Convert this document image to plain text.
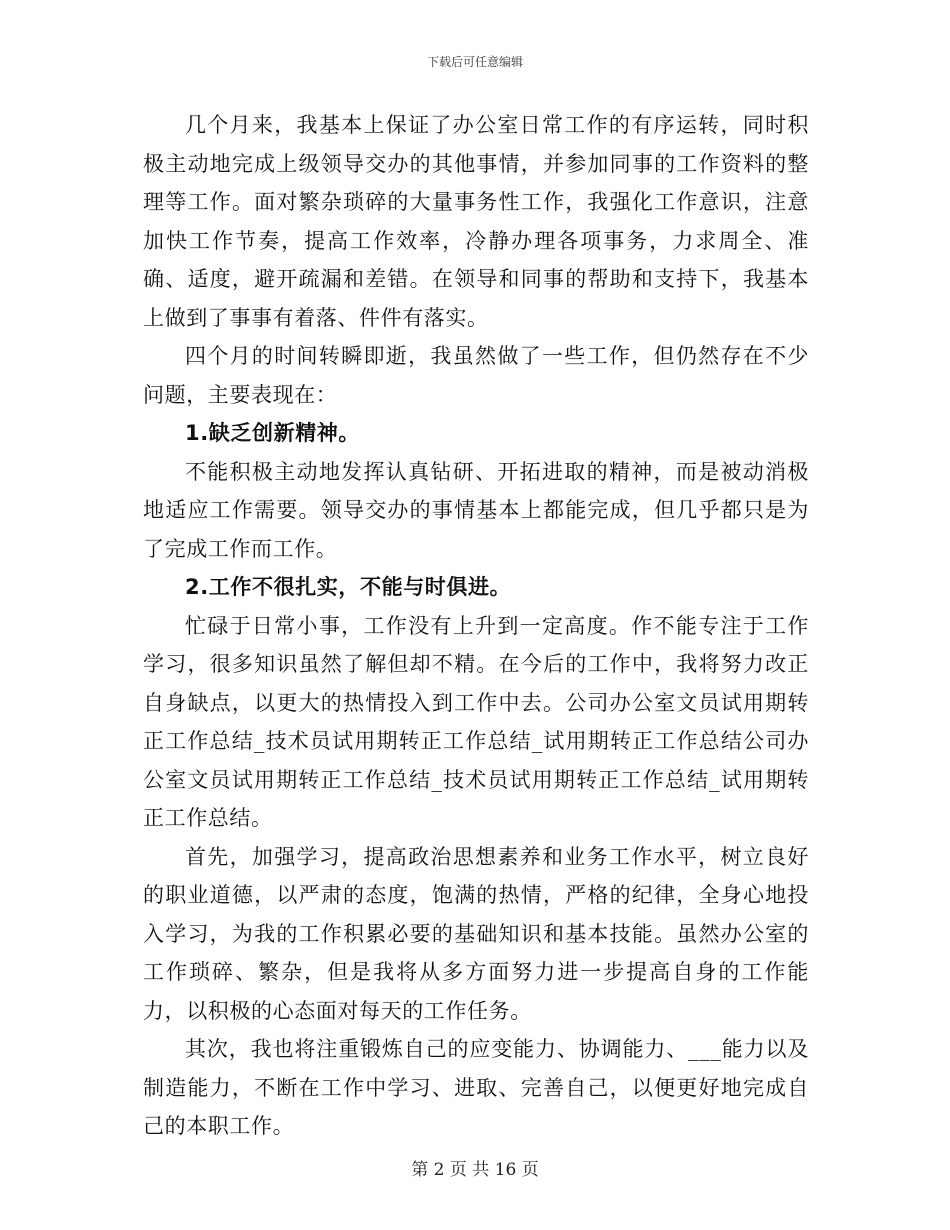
下载后可任意编辑

几个月来，我基本上保证了办公室日常工作的有序运转，同时积极主动地完成上级领导交办的其他事情，并参加同事的工作资料的整理等工作。面对繁杂琐碎的大量事务性工作，我强化工作意识，注意加快工作节奏，提高工作效率，冷静办理各项事务，力求周全、准确、适度，避开疏漏和差错。在领导和同事的帮助和支持下，我基本上做到了事事有着落、件件有落实。

四个月的时间转瞬即逝，我虽然做了一些工作，但仍然存在不少问题，主要表现在：

1.缺乏创新精神。

不能积极主动地发挥认真钻研、开拓进取的精神，而是被动消极地适应工作需要。领导交办的事情基本上都能完成，但几乎都只是为了完成工作而工作。

2.工作不很扎实，不能与时俱进。

忙碌于日常小事，工作没有上升到一定高度。作不能专注于工作学习，很多知识虽然了解但却不精。在今后的工作中，我将努力改正自身缺点，以更大的热情投入到工作中去。公司办公室文员试用期转正工作总结_技术员试用期转正工作总结_试用期转正工作总结公司办公室文员试用期转正工作总结_技术员试用期转正工作总结_试用期转正工作总结。

首先，加强学习，提高政治思想素养和业务工作水平，树立良好的职业道德，以严肃的态度，饱满的热情，严格的纪律，全身心地投入学习，为我的工作积累必要的基础知识和基本技能。虽然办公室的工作琐碎、繁杂，但是我将从多方面努力进一步提高自身的工作能力，以积极的心态面对每天的工作任务。

其次，我也将注重锻炼自己的应变能力、协调能力、___能力以及制造能力，不断在工作中学习、进取、完善自己，以便更好地完成自己的本职工作。

第 2 页 共 16 页
